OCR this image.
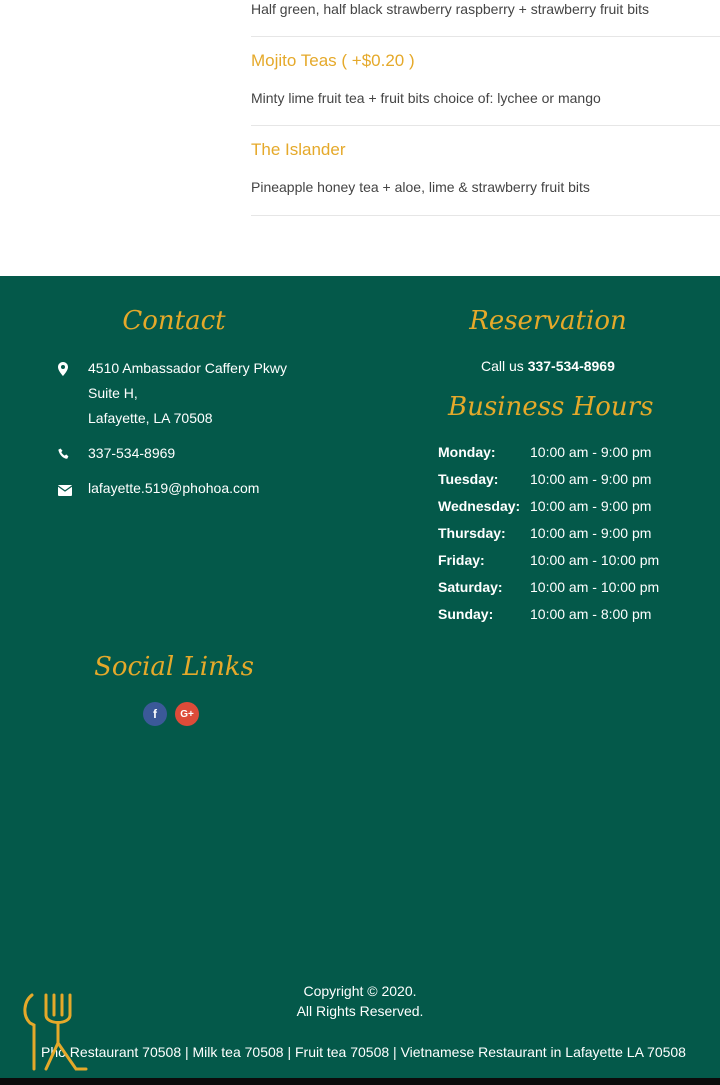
Half green, half black strawberry raspberry + strawberry fruit bits
Mojito Teas ( +$0.20 )
Minty lime fruit tea + fruit bits choice of: lychee or mango
The Islander
Pineapple honey tea + aloe, lime & strawberry fruit bits
Contact
4510 Ambassador Caffery Pkwy
Suite H,
Lafayette, LA 70508
337-534-8969
lafayette.519@phohoa.com
Reservation
Call us 337-534-8969
Business Hours
Monday: 10:00 am - 9:00 pm
Tuesday: 10:00 am - 9:00 pm
Wednesday: 10:00 am - 9:00 pm
Thursday: 10:00 am - 9:00 pm
Friday:	10:00 am - 10:00 pm
Saturday: 10:00 am - 10:00 pm
Sunday:	10:00 am - 8:00 pm
Social Links
f G+
Copyright © 2020.
All Rights Reserved.
Pho Restaurant 70508 | Milk tea 70508 | Fruit tea 70508 | Vietnamese Restaurant in Lafayette LA 70508
